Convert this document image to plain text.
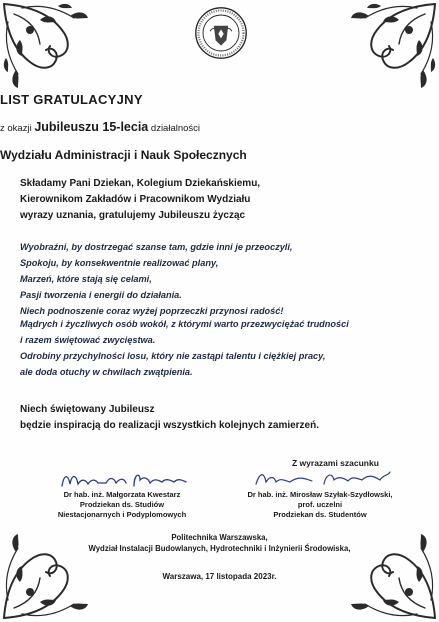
LIST GRATULACYJNY
z okazji Jubileuszu 15-lecia działalności
Wydziału Administracji i Nauk Społecznych
Składamy Pani Dziekan, Kolegium Dziekańskiemu,
Kierownikom Zakładów i Pracownikom Wydziału
wyrazy uznania, gratulujemy Jubileuszu życząc
Wyobraźni, by dostrzegać szanse tam, gdzie inni je przeoczyli,
Spokoju, by konsekwentnie realizować plany,
Marzeń, które stają się celami,
Pasji tworzenia i energii do działania.
Niech podnoszenie coraz wyżej poprzeczki przynosi radość!
Mądrych i życzliwych osób wokół, z którymi warto przezwyciężać trudności
i razem świętować zwycięstwa.
Odrobiny przychylności losu, który nie zastąpi talentu i ciężkiej pracy,
ale doda otuchy w chwilach zwątpienia.
Niech świętowany Jubileusz
będzie inspiracją do realizacji wszystkich kolejnych zamierzeń.
Z wyrazami szacunku
Dr hab. inż. Małgorzata Kwestarz
Prodziekan ds. Studiów
Niestacjonarnych i Podyplomowych
Dr hab. inż. Mirosław Szyłak-Szydłowski,
prof. uczelni
Prodziekan ds. Studentów
Politechnika Warszawska,
Wydział Instalacji Budowlanych, Hydrotechniki i Inżynierii Środowiska,
Warszawa, 17 listopada 2023r.
